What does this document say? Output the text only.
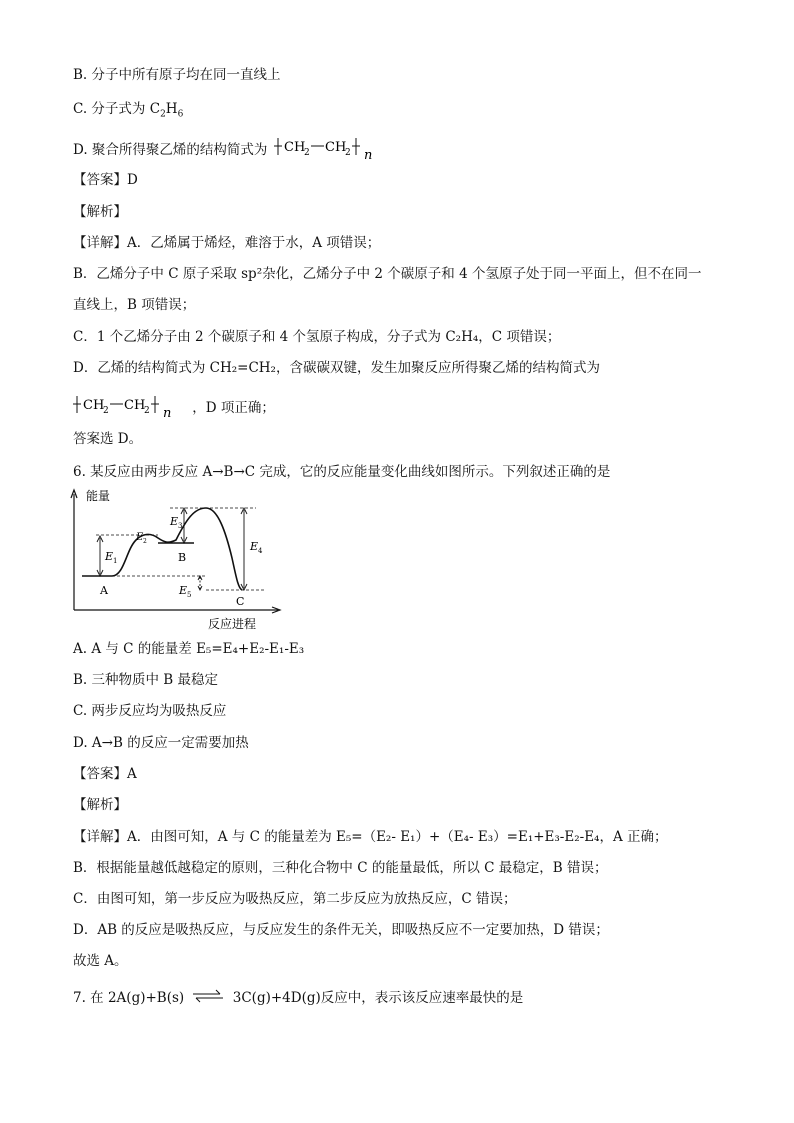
B. 分子中所有原子均在同一直线上
C. 分子式为 $C_2H_6$
D. 聚合所得聚乙烯的结构简式为 CH
2 CH
2 n
【答案】D
【解析】
【详解】A．乙烯属于烯烃，难溶于水，A 项错误；
B．乙烯分子中 C 原子采取 sp²杂化，乙烯分子中 2 个碳原子和 4 个氢原子处于同一平面上，但不在同一
直线上，B 项错误；
C．1 个乙烯分子由 2 个碳原子和 4 个氢原子构成，分子式为 C₂H₄，C 项错误；
D．乙烯的结构简式为 CH₂=CH₂，含碳碳双键，发生加聚反应所得聚乙烯的结构简式为
CH
2 CH
2 n ，D 项正确；
答案选 D。
6. 某反应由两步反应 A→B→C 完成，它的反应能量变化曲线如图所示。下列叙述正确的是
能量
反应进程
E 1
E 2
E 3
E 4
E 5
A
B
C
A. A 与 C 的能量差 E₅=E₄+E₂-E₁-E₃
B. 三种物质中 B 最稳定
C. 两步反应均为吸热反应
D. A→B 的反应一定需要加热
【答案】A
【解析】
【详解】A．由图可知，A 与 C 的能量差为 E₅=（E₂- E₁）+（E₄- E₃）=E₁+E₃-E₂-E₄，A 正确；
B．根据能量越低越稳定的原则，三种化合物中 C 的能量最低，所以 C 最稳定，B 错误；
C．由图可知，第一步反应为吸热反应，第二步反应为放热反应，C 错误；
D．AB 的反应是吸热反应，与反应发生的条件无关，即吸热反应不一定要加热，D 错误；
故选 A。
7. 在 2A(g)+B(s) ⇌ 3C(g)+4D(g)反应中，表示该反应速率最快的是
